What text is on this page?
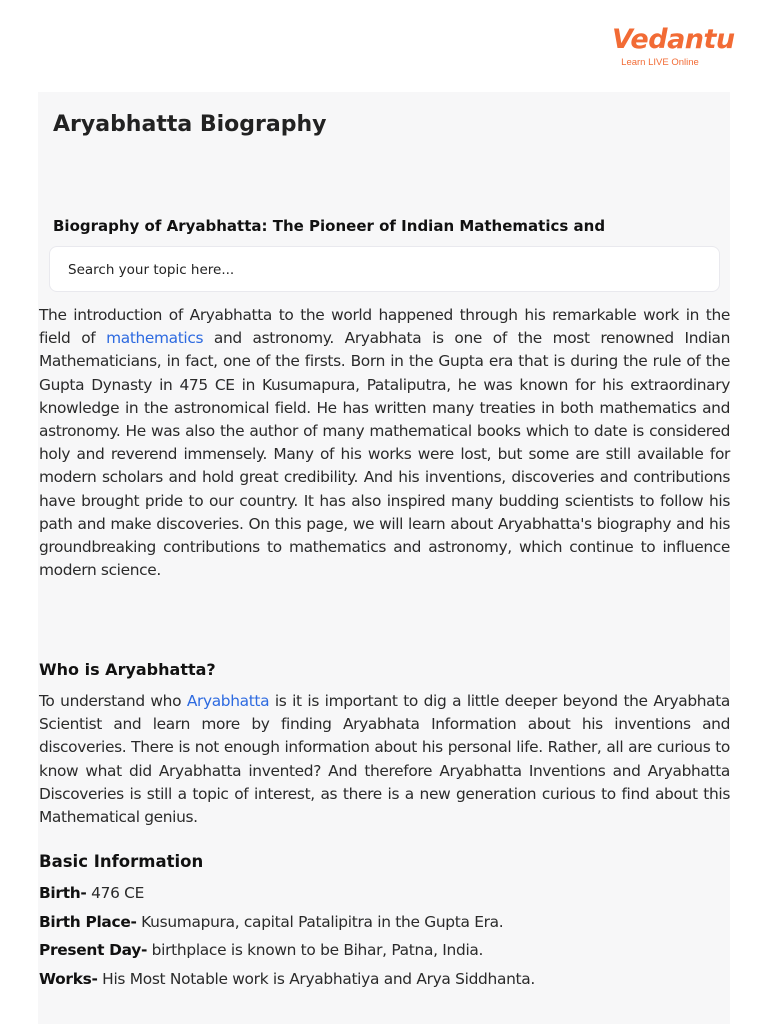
Vedantu
Learn LIVE Online
Aryabhatta Biography
Biography of Aryabhatta: The Pioneer of Indian Mathematics and
Search your topic here...

The introduction of Aryabhatta to the world happened through his remarkable work in the field of mathematics and astronomy. Aryabhata is one of the most renowned Indian Mathematicians, in fact, one of the firsts. Born in the Gupta era that is during the rule of the Gupta Dynasty in 475 CE in Kusumapura, Pataliputra, he was known for his extraordinary knowledge in the astronomical field. He has written many treaties in both mathematics and astronomy. He was also the author of many mathematical books which to date is considered holy and reverend immensely. Many of his works were lost, but some are still available for modern scholars and hold great credibility. And his inventions, discoveries and contributions have brought pride to our country. It has also inspired many budding scientists to follow his path and make discoveries. On this page, we will learn about Aryabhatta's biography and his groundbreaking contributions to mathematics and astronomy, which continue to influence modern science.

Who is Aryabhatta?

To understand who Aryabhatta is it is important to dig a little deeper beyond the Aryabhata Scientist and learn more by finding Aryabhata Information about his inventions and discoveries. There is not enough information about his personal life. Rather, all are curious to know what did Aryabhatta invented? And therefore Aryabhatta Inventions and Aryabhatta Discoveries is still a topic of interest, as there is a new generation curious to find about this Mathematical genius.

Basic Information
Birth- 476 CE
Birth Place- Kusumapura, capital Patalipitra in the Gupta Era.
Present Day- birthplace is known to be Bihar, Patna, India.
Works- His Most Notable work is Aryabhatiya and Arya Siddhanta.
